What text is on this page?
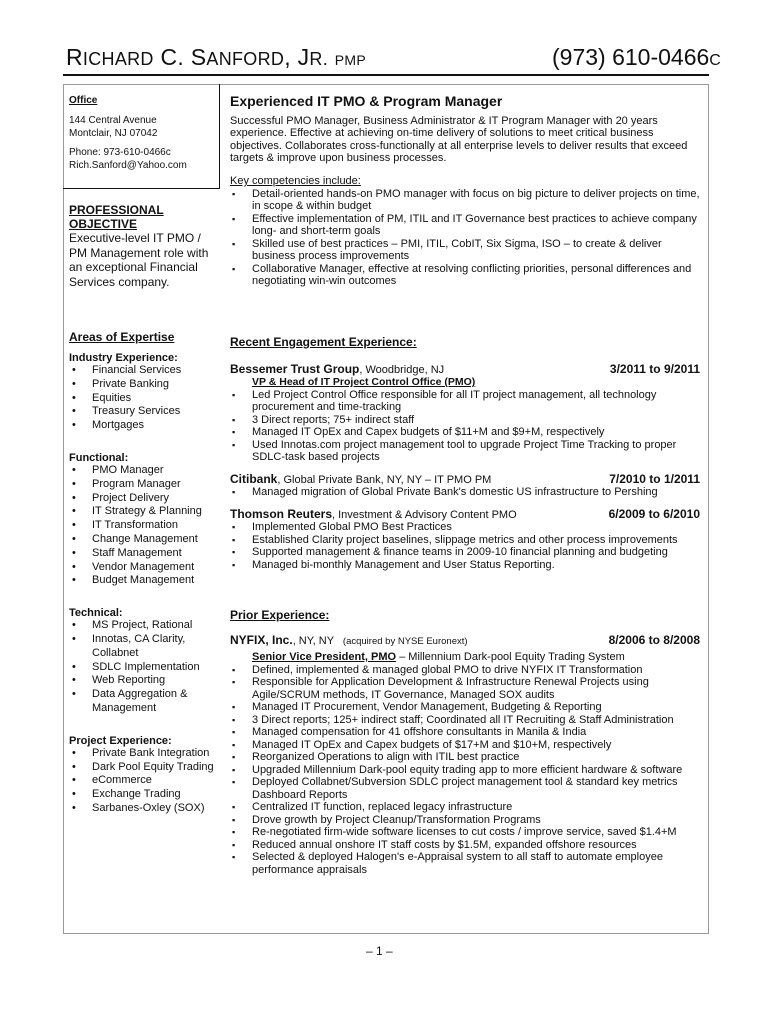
RICHARD C. SANFORD, JR. PMP	(973) 610-0466C
Office
144 Central Avenue
Montclair, NJ 07042
Phone: 973-610-0466c
Rich.Sanford@Yahoo.com
PROFESSIONAL
OBJECTIVE
Executive-level IT PMO / PM Management role with an exceptional Financial Services company.
Areas of Expertise
Industry Experience:
• Financial Services
• Private Banking
• Equities
• Treasury Services
• Mortgages
Functional:
• PMO Manager
• Program Manager
• Project Delivery
• IT Strategy & Planning
• IT Transformation
• Change Management
• Staff Management
• Vendor Management
• Budget Management
Technical:
• MS Project, Rational
• Innotas, CA Clarity, Collabnet
• SDLC Implementation
• Web Reporting
• Data Aggregation & Management
Project Experience:
• Private Bank Integration
• Dark Pool Equity Trading
• eCommerce
• Exchange Trading
• Sarbanes-Oxley (SOX)
Experienced IT PMO & Program Manager
Successful PMO Manager, Business Administrator & IT Program Manager with 20 years experience. Effective at achieving on-time delivery of solutions to meet critical business objectives. Collaborates cross-functionally at all enterprise levels to deliver results that exceed targets & improve upon business processes.
Key competencies include:
▪ Detail-oriented hands-on PMO manager with focus on big picture to deliver projects on time, in scope & within budget
▪ Effective implementation of PM, ITIL and IT Governance best practices to achieve company long- and short-term goals
▪ Skilled use of best practices – PMI, ITIL, CobIT, Six Sigma, ISO – to create & deliver business process improvements
▪ Collaborative Manager, effective at resolving conflicting priorities, personal differences and negotiating win-win outcomes
Recent Engagement Experience:
Bessemer Trust Group, Woodbridge, NJ	3/2011 to 9/2011
VP & Head of IT Project Control Office (PMO)
▪ Led Project Control Office responsible for all IT project management, all technology procurement and time-tracking
▪ 3 Direct reports; 75+ indirect staff
▪ Managed IT OpEx and Capex budgets of $11+M and $9+M, respectively
▪ Used Innotas.com project management tool to upgrade Project Time Tracking to proper SDLC-task based projects
Citibank, Global Private Bank, NY, NY – IT PMO PM	7/2010 to 1/2011
▪ Managed migration of Global Private Bank's domestic US infrastructure to Pershing
Thomson Reuters, Investment & Advisory Content PMO	6/2009 to 6/2010
▪ Implemented Global PMO Best Practices
▪ Established Clarity project baselines, slippage metrics and other process improvements
▪ Supported management & finance teams in 2009-10 financial planning and budgeting
▪ Managed bi-monthly Management and User Status Reporting.
Prior Experience:
NYFIX, Inc., NY, NY (acquired by NYSE Euronext)	8/2006 to 8/2008
Senior Vice President, PMO – Millennium Dark-pool Equity Trading System
▪ Defined, implemented & managed global PMO to drive NYFIX IT Transformation
▪ Responsible for Application Development & Infrastructure Renewal Projects using Agile/SCRUM methods, IT Governance, Managed SOX audits
▪ Managed IT Procurement, Vendor Management, Budgeting & Reporting
▪ 3 Direct reports; 125+ indirect staff; Coordinated all IT Recruiting & Staff Administration
▪ Managed compensation for 41 offshore consultants in Manila & India
▪ Managed IT OpEx and Capex budgets of $17+M and $10+M, respectively
▪ Reorganized Operations to align with ITIL best practice
▪ Upgraded Millennium Dark-pool equity trading app to more efficient hardware & software
▪ Deployed Collabnet/Subversion SDLC project management tool & standard key metrics Dashboard Reports
▪ Centralized IT function, replaced legacy infrastructure
▪ Drove growth by Project Cleanup/Transformation Programs
▪ Re-negotiated firm-wide software licenses to cut costs / improve service, saved $1.4+M
▪ Reduced annual onshore IT staff costs by $1.5M, expanded offshore resources
▪ Selected & deployed Halogen's e-Appraisal system to all staff to automate employee performance appraisals
– 1 –
